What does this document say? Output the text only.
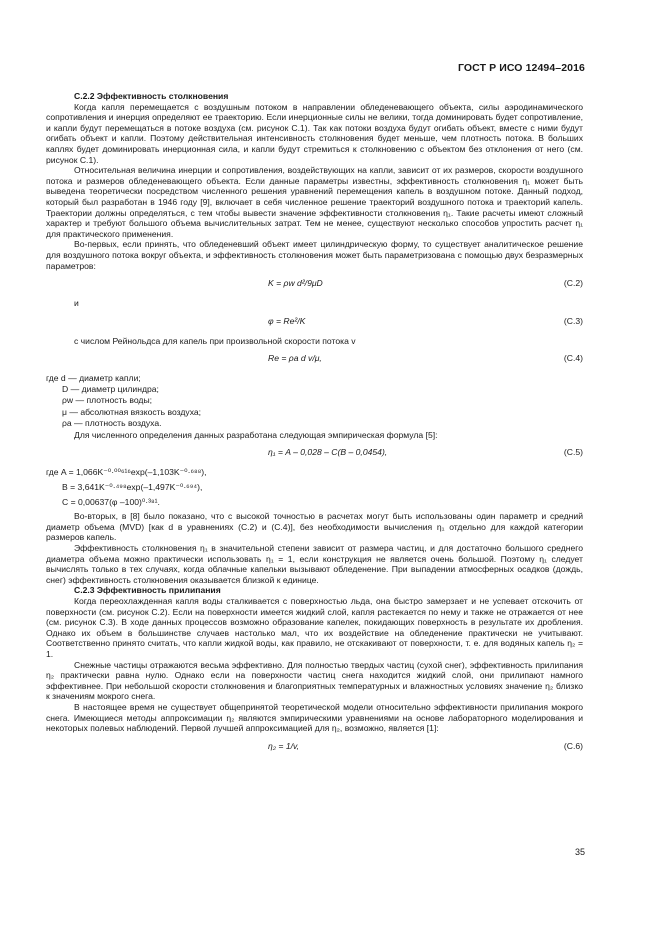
ГОСТ Р ИСО 12494–2016
С.2.2 Эффективность столкновения

Когда капля перемещается с воздушным потоком в направлении обледеневающего объекта, силы аэродинамического сопротивления и инерция определяют ее траекторию. Если инерционные силы не велики, тогда доминировать будет сопротивление, и капли будут перемещаться в потоке воздуха (см. рисунок С.1). Так как потоки воздуха будут огибать объект, вместе с ними будут огибать объект и капли. Поэтому действительная интенсивность столкновения будет меньше, чем плотность потока. В больших каплях будет доминировать инерционная сила, и капли будут стремиться к столкновению с объектом без отклонения от него (см. рисунок С.1).

Относительная величина инерции и сопротивления, воздействующих на капли, зависит от их размеров, скорости воздушного потока и размеров обледеневающего объекта. Если данные параметры известны, эффективность столкновения η₁ может быть выведена теоретически посредством численного решения уравнений перемещения капель в воздушном потоке. Данный подход, который был разработан в 1946 году [9], включает в себя численное решение траекторий воздушного потока и траекторий капель. Траектории должны определяться, с тем чтобы вывести значение эффективности столкновения η₁. Такие расчеты имеют сложный характер и требуют большого объема вычислительных затрат. Тем не менее, существуют несколько способов упростить расчет η₁ для практического применения.

Во-первых, если принять, что обледеневший объект имеет цилиндрическую форму, то существует аналитическое решение для воздушного потока вокруг объекта, и эффективность столкновения может быть параметризована с помощью двух безразмерных параметров:

K = ρw d²/9μD	(С.2)

и

φ = Re²/K	(С.3)

с числом Рейнольдса для капель при произвольной скорости потока v

Re = ρa d v/μ,	(С.4)
где d — диаметр капли;
D — диаметр цилиндра;
ρw — плотность воды;
μ — абсолютная вязкость воздуха;
ρa — плотность воздуха.

Для численного определения данных разработана следующая эмпирическая формула [5]:

η₁ = A – 0,028 – C(B – 0,0454),	(С.5)
где A = 1,066K⁻⁰·⁰⁰⁶¹⁶exp(–1,103K⁻⁰·⁶⁸⁸),
B = 3,641K⁻⁰·⁴⁹⁸exp(–1,497K⁻⁰·⁶⁹⁴),
C = 0,00637(φ –100)⁰·³⁸¹.

Во-вторых, в [8] было показано, что с высокой точностью в расчетах могут быть использованы один параметр и средний диаметр объема (MVD) [как d в уравнениях (С.2) и (С.4)], без необходимости вычисления η₁ отдельно для каждой категории размеров капель.

Эффективность столкновения η₁ в значительной степени зависит от размера частиц, и для достаточно большого среднего диаметра объема можно практически использовать η₁ = 1, если конструкция не является очень большой. Поэтому η₁ следует вычислять только в тех случаях, когда облачные капельки вызывают обледенение. При выпадении атмосферных осадков (дождь, снег) эффективность столкновения оказывается близкой к единице.

С.2.3 Эффективность прилипания

Когда переохлажденная капля воды сталкивается с поверхностью льда, она быстро замерзает и не успевает отскочить от поверхности (см. рисунок С.2). Если на поверхности имеется жидкий слой, капля растекается по нему и также не отражается от нее (см. рисунок С.3). В ходе данных процессов возможно образование капелек, покидающих поверхность в результате их дробления. Однако их объем в большинстве случаев настолько мал, что их воздействие на обледенение практически не учитывают. Соответственно принято считать, что капли жидкой воды, как правило, не отскакивают от поверхности, т. е. для водяных капель η₂ = 1.

Снежные частицы отражаются весьма эффективно. Для полностью твердых частиц (сухой снег), эффективность прилипания η₂ практически равна нулю. Однако если на поверхности частиц снега находится жидкий слой, они прилипают намного эффективнее. При небольшой скорости столкновения и благоприятных температурных и влажностных условиях значение η₂ близко к значениям мокрого снега.

В настоящее время не существует общепринятой теоретической модели относительно эффективности прилипания мокрого снега. Имеющиеся методы аппроксимации η₂ являются эмпирическими уравнениями на основе лабораторного моделирования и некоторых полевых наблюдений. Первой лучшей аппроксимацией для η₂, возможно, является [1]:

η₂ = 1/v,	(С.6)
35
